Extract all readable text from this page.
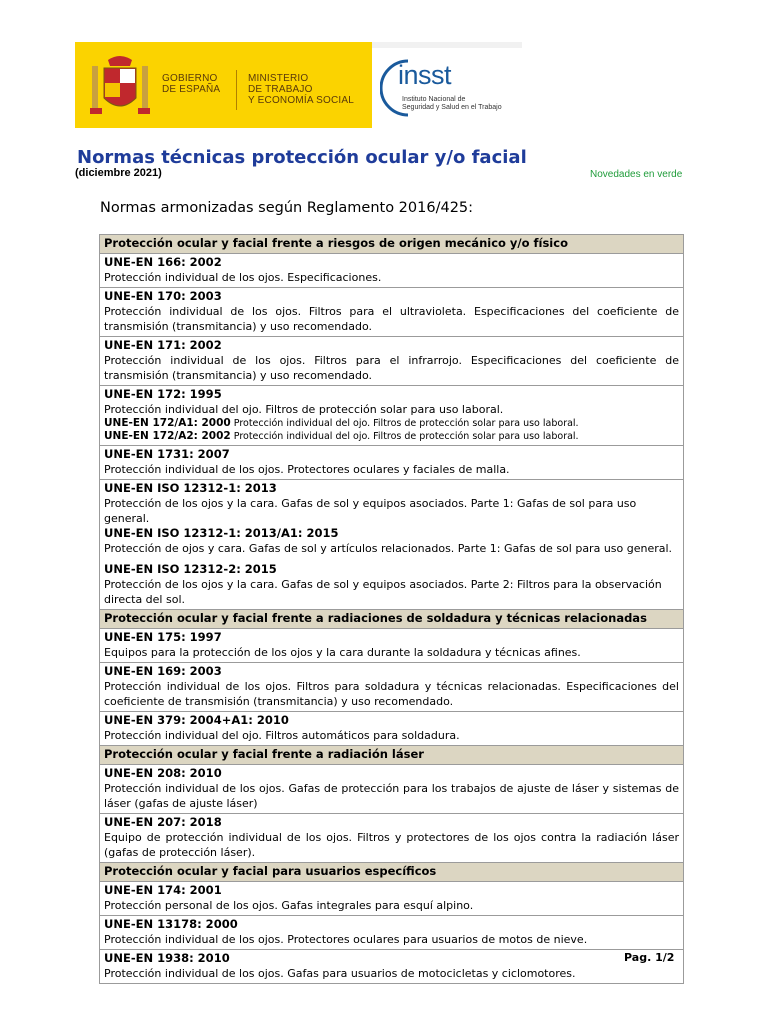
GOBIERNO
DE ESPAÑA
MINISTERIO
DE TRABAJO
Y ECONOMÍA SOCIAL
insst
Instituto Nacional de
Seguridad y Salud en el Trabajo
Normas técnicas protección ocular y/o facial
(diciembre 2021)	Novedades en verde
Normas armonizadas según Reglamento 2016/425:
Protección ocular y facial frente a riesgos de origen mecánico y/o físico

UNE-EN 166: 2002
Protección individual de los ojos. Especificaciones.

UNE-EN 170: 2003
Protección individual de los ojos. Filtros para el ultravioleta. Especificaciones del coeficiente de transmisión (transmitancia) y uso recomendado.

UNE-EN 171: 2002
Protección individual de los ojos. Filtros para el infrarrojo. Especificaciones del coeficiente de transmisión (transmitancia) y uso recomendado.

UNE-EN 172: 1995
Protección individual del ojo. Filtros de protección solar para uso laboral.
UNE-EN 172/A1: 2000 Protección individual del ojo. Filtros de protección solar para uso laboral.
UNE-EN 172/A2: 2002 Protección individual del ojo. Filtros de protección solar para uso laboral.

UNE-EN 1731: 2007
Protección individual de los ojos. Protectores oculares y faciales de malla.

UNE-EN ISO 12312-1: 2013
Protección de los ojos y la cara. Gafas de sol y equipos asociados. Parte 1: Gafas de sol para uso general.
UNE-EN ISO 12312-1: 2013/A1: 2015
Protección de ojos y cara. Gafas de sol y artículos relacionados. Parte 1: Gafas de sol para uso general.
UNE-EN ISO 12312-2: 2015
Protección de los ojos y la cara. Gafas de sol y equipos asociados. Parte 2: Filtros para la observación directa del sol.

Protección ocular y facial frente a radiaciones de soldadura y técnicas relacionadas

UNE-EN 175: 1997
Equipos para la protección de los ojos y la cara durante la soldadura y técnicas afines.

UNE-EN 169: 2003
Protección individual de los ojos. Filtros para soldadura y técnicas relacionadas. Especificaciones del coeficiente de transmisión (transmitancia) y uso recomendado.

UNE-EN 379: 2004+A1: 2010
Protección individual del ojo. Filtros automáticos para soldadura.

Protección ocular y facial frente a radiación láser

UNE-EN 208: 2010
Protección individual de los ojos. Gafas de protección para los trabajos de ajuste de láser y sistemas de láser (gafas de ajuste láser)

UNE-EN 207: 2018
Equipo de protección individual de los ojos. Filtros y protectores de los ojos contra la radiación láser (gafas de protección láser).

Protección ocular y facial para usuarios específicos

UNE-EN 174: 2001
Protección personal de los ojos. Gafas integrales para esquí alpino.

UNE-EN 13178: 2000
Protección individual de los ojos. Protectores oculares para usuarios de motos de nieve.

UNE-EN 1938: 2010
Protección individual de los ojos. Gafas para usuarios de motocicletas y ciclomotores.
Pag. 1/2
